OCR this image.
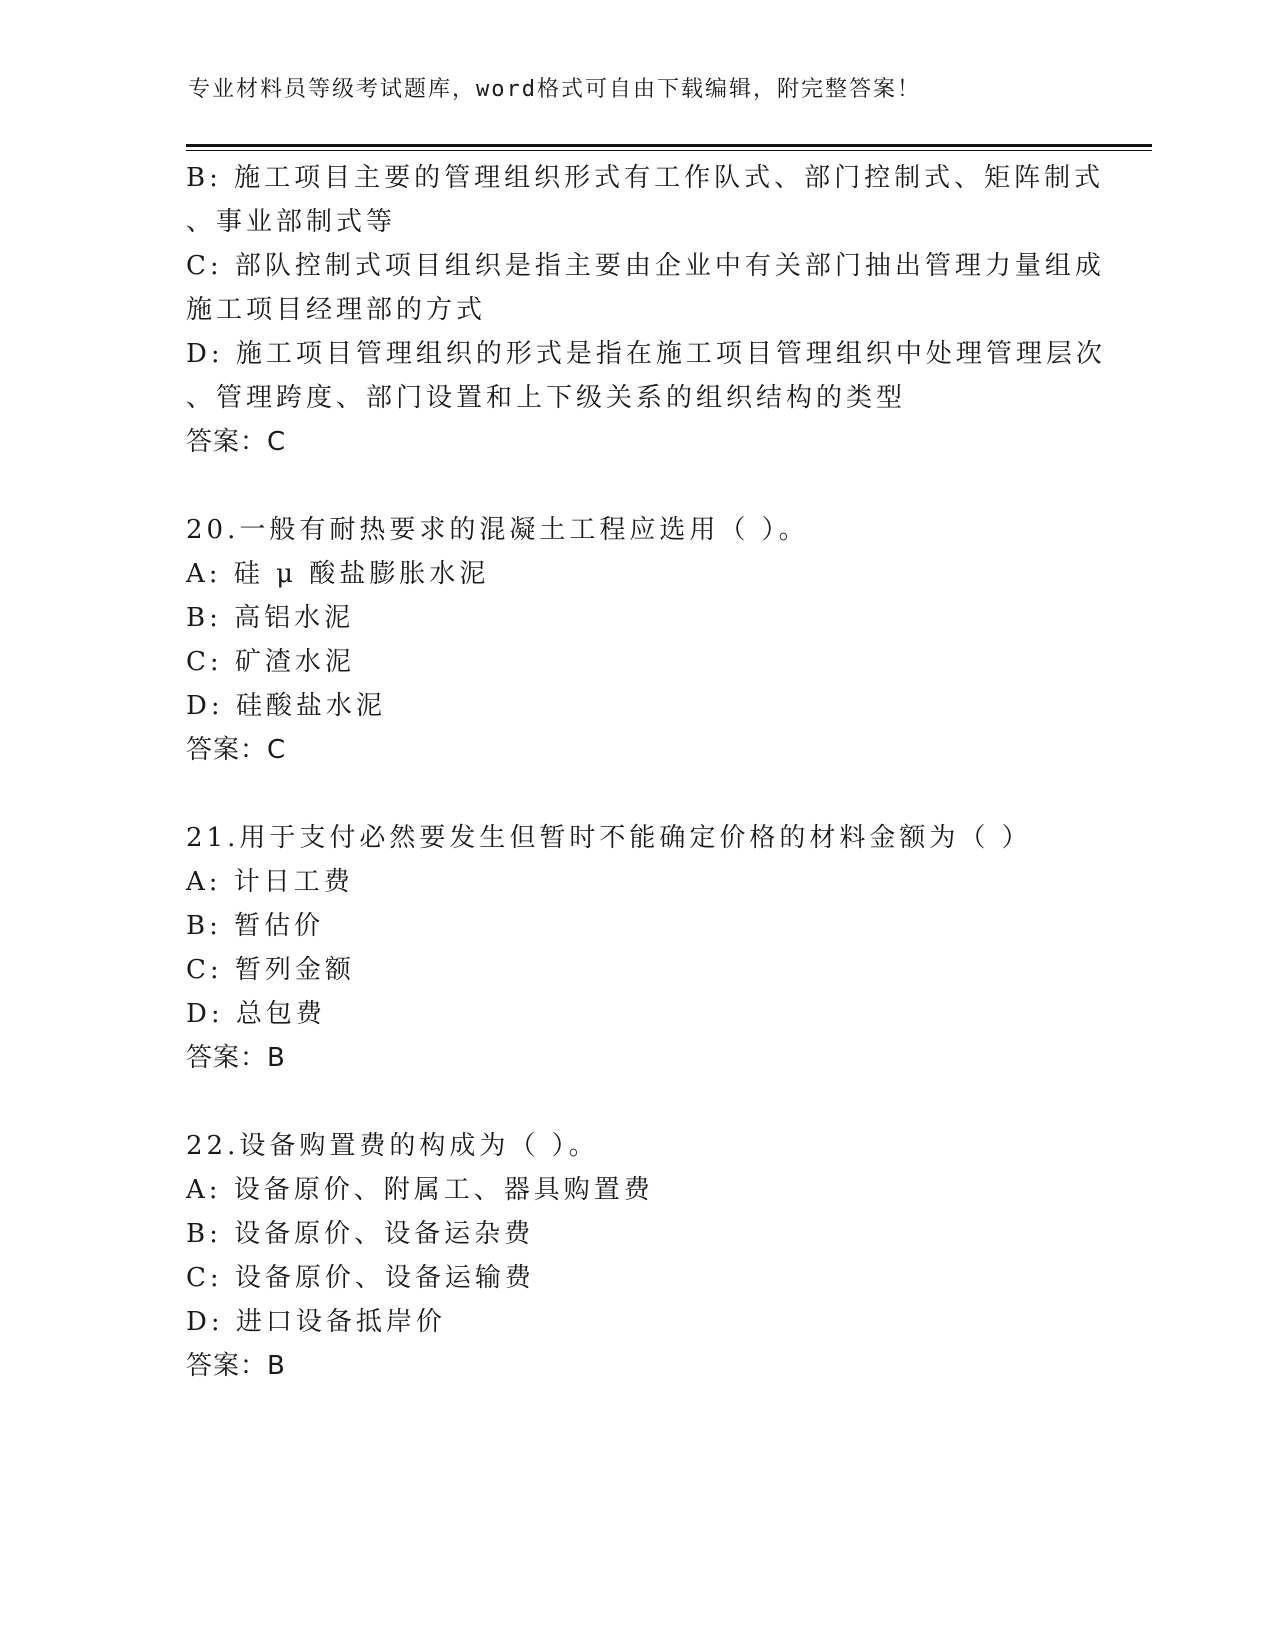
专业材料员等级考试题库，word格式可自由下载编辑，附完整答案！
B: 施工项目主要的管理组织形式有工作队式、部门控制式、矩阵制式
、事业部制式等
C: 部队控制式项目组织是指主要由企业中有关部门抽出管理力量组成
施工项目经理部的方式
D: 施工项目管理组织的形式是指在施工项目管理组织中处理管理层次
、管理跨度、部门设置和上下级关系的组织结构的类型
答案：C
20.一般有耐热要求的混凝土工程应选用（ ）。
A: 硅 μ 酸盐膨胀水泥
B: 高铝水泥
C: 矿渣水泥
D: 硅酸盐水泥
答案：C
21.用于支付必然要发生但暂时不能确定价格的材料金额为（ ）
A: 计日工费
B: 暂估价
C: 暂列金额
D: 总包费
答案：B
22.设备购置费的构成为（ ）。
A: 设备原价、附属工、器具购置费
B: 设备原价、设备运杂费
C: 设备原价、设备运输费
D: 进口设备抵岸价
答案：B
